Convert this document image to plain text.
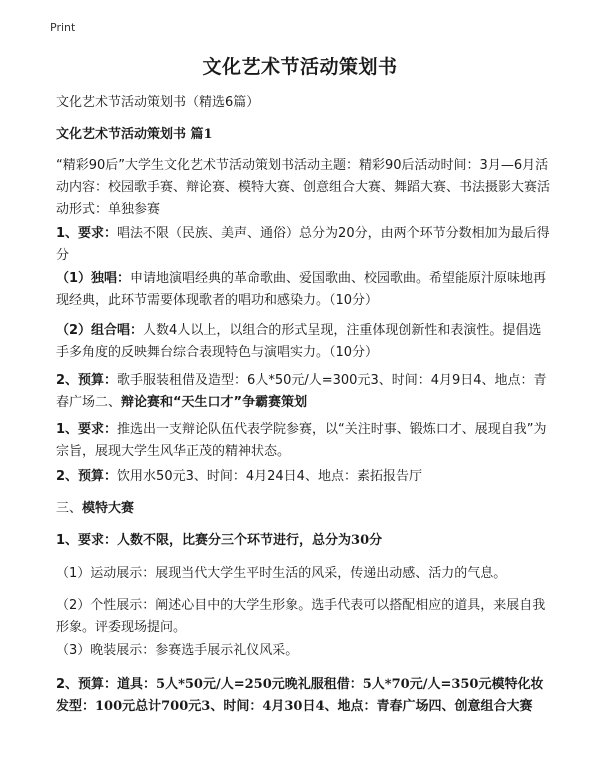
Print
文化艺术节活动策划书
文化艺术节活动策划书（精选6篇）
文化艺术节活动策划书 篇1
“精彩90后”大学生文化艺术节活动策划书活动主题：精彩90后活动时间：3月—6月活动内容：校园歌手赛、辩论赛、模特大赛、创意组合大赛、舞蹈大赛、书法摄影大赛活动形式：单独参赛
1、要求：唱法不限（民族、美声、通俗）总分为20分，由两个环节分数相加为最后得分
（1）独唱：申请地演唱经典的革命歌曲、爱国歌曲、校园歌曲。希望能原汁原味地再现经典，此环节需要体现歌者的唱功和感染力。（10分）
（2）组合唱：人数4人以上，以组合的形式呈现，注重体现创新性和表演性。提倡选手多角度的反映舞台综合表现特色与演唱实力。（10分）
2、预算：歌手服装租借及造型：6人*50元/人=300元3、时间：4月9日4、地点：青春广场二、辩论赛和“天生口才”争霸赛策划
1、要求：推选出一支辩论队伍代表学院参赛，以“关注时事、锻炼口才、展现自我”为宗旨，展现大学生风华正茂的精神状态。
2、预算：饮用水50元3、时间：4月24日4、地点：素拓报告厅
三、模特大赛
1、要求：人数不限，比赛分三个环节进行，总分为30分
（1）运动展示：展现当代大学生平时生活的风采，传递出动感、活力的气息。
（2）个性展示：阐述心目中的大学生形象。选手代表可以搭配相应的道具，来展自我形象。评委现场提问。
（3）晚装展示：参赛选手展示礼仪风采。
2、预算：道具：5人*50元/人=250元晚礼服租借：5人*70元/人=350元模特化妆发型：100元总计700元3、时间：4月30日4、地点：青春广场四、创意组合大赛
